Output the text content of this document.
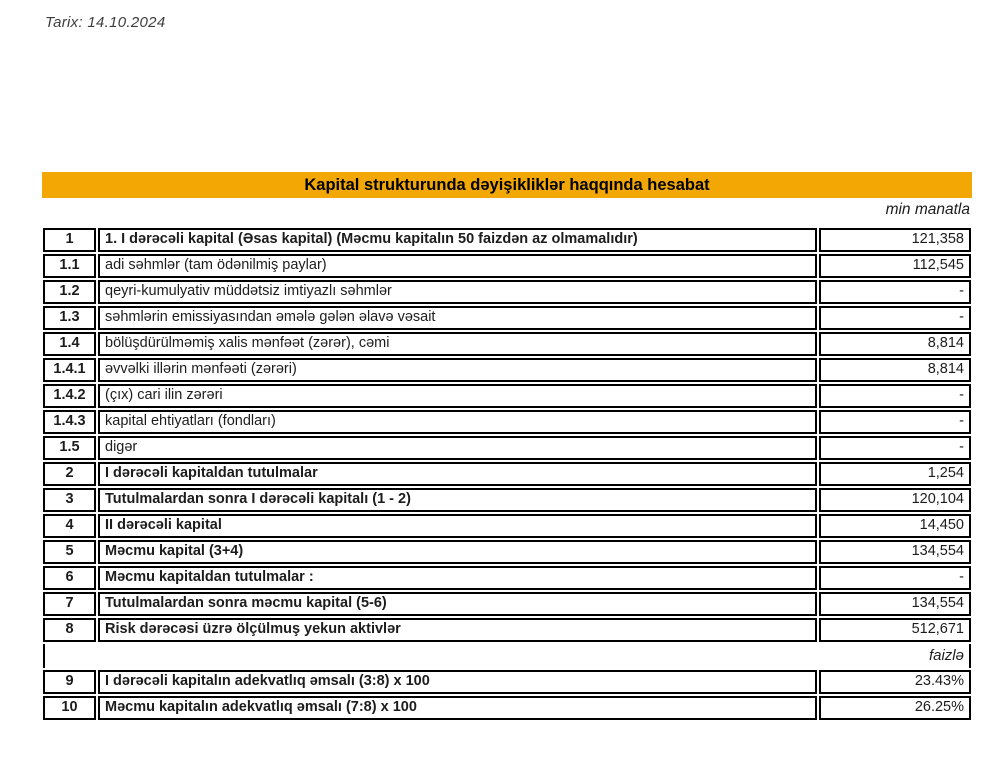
Tarix: 14.10.2024
Kapital strukturunda dəyişikliklər haqqında hesabat
min manatla
1	1. I dərəcəli kapital (Əsas kapital) (Məcmu kapitalın 50 faizdən az olmamalıdır)	121,358
1.1	adi səhmlər (tam ödənilmiş paylar)	112,545
1.2	qeyri-kumulyativ müddətsiz imtiyazlı səhmlər	-
1.3	səhmlərin emissiyasından əmələ gələn əlavə vəsait	-
1.4	bölüşdürülməmiş xalis mənfəət (zərər), cəmi	8,814
1.4.1	əvvəlki illərin mənfəəti (zərəri)	8,814
1.4.2	(çıx) cari ilin zərəri	-
1.4.3	kapital ehtiyatları (fondları)	-
1.5	digər	-
2	I dərəcəli kapitaldan tutulmalar	1,254
3	Tutulmalardan sonra I dərəcəli kapitalı (1 - 2)	120,104
4	II dərəcəli kapital	14,450
5	Məcmu kapital (3+4)	134,554
6	Məcmu kapitaldan tutulmalar :	-
7	Tutulmalardan sonra məcmu kapital (5-6)	134,554
8	Risk dərəcəsi üzrə ölçülmuş yekun aktivlər	512,671
faizlə		
9	I dərəcəli kapitalın adekvatlıq əmsalı (3:8) x 100	23.43%
10	Məcmu kapitalın adekvatlıq əmsalı (7:8) x 100	26.25%
